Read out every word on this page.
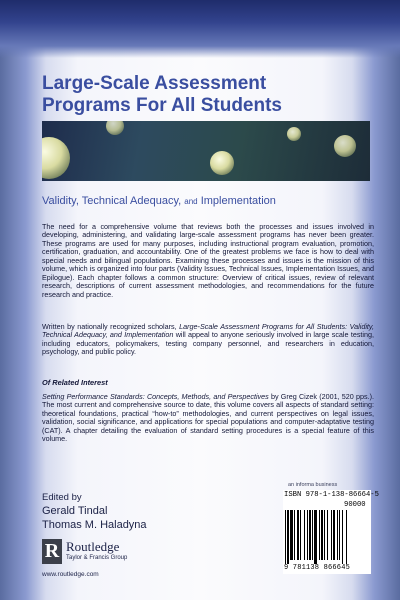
Large-Scale Assessment
Programs For All Students
Validity, Technical Adequacy, and Implementation

The need for a comprehensive volume that reviews both the processes and issues involved in developing, administering, and validating large-scale assessment programs has never been greater. These programs are used for many purposes, including instructional program evaluation, promotion, certification, graduation, and accountability. One of the greatest problems we face is how to deal with special needs and bilingual populations. Examining these processes and issues is the mission of this volume, which is organized into four parts (Validity Issues, Technical Issues, Implementation Issues, and Epilogue). Each chapter follows a common structure: Overview of critical issues, review of relevant research, descriptions of current assessment methodologies, and recommendations for the future research and practice.

Written by nationally recognized scholars, Large-Scale Assessment Programs for All Students: Validity, Technical Adequacy, and Implementation will appeal to anyone seriously involved in large scale testing, including educators, policymakers, testing company personnel, and researchers in education, psychology, and public policy.

Of Related Interest

Setting Performance Standards: Concepts, Methods, and Perspectives by Greg Cizek (2001, 520 pps.). The most current and comprehensive source to date, this volume covers all aspects of standard setting: theoretical foundations, practical “how-to” methodologies, and current perspectives on legal issues, validation, social significance, and applications for special populations and computer-adaptative testing (CAT). A chapter detailing the evaluation of standard setting procedures is a special feature of this volume.

an informa business
Edited by
Gerald Tindal
Thomas M. Haladyna
R Routledge
Taylor & Francis Group
www.routledge.com
ISBN 978-1-138-86664-5
90000
9 781138 866645
